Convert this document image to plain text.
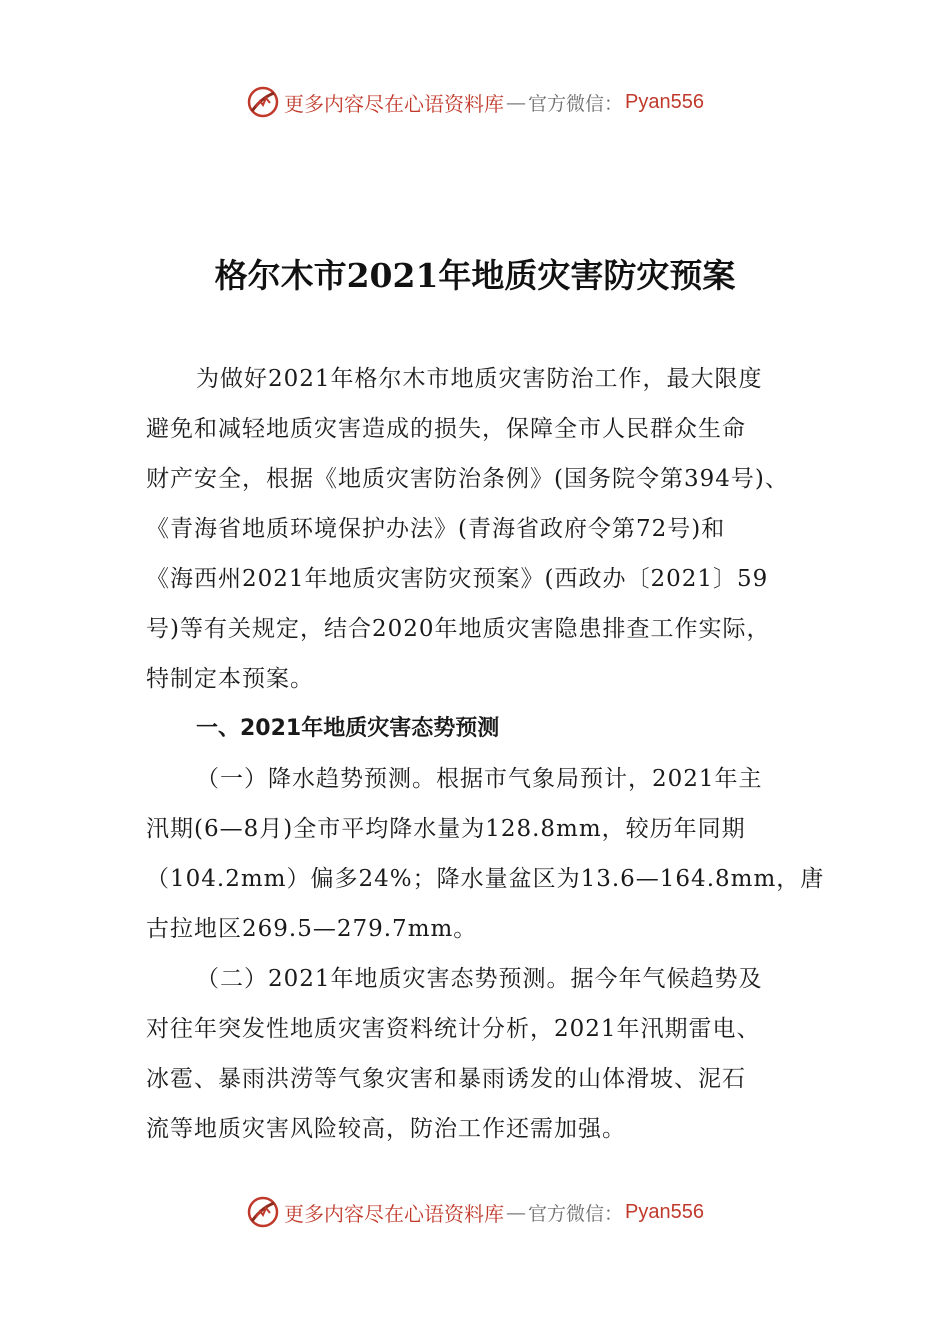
更多内容尽在心语资料库 — 官方微信： Pyan556
格尔木市2021年地质灾害防灾预案
为做好2021年格尔木市地质灾害防治工作，最大限度
避免和减轻地质灾害造成的损失，保障全市人民群众生命
财产安全，根据《地质灾害防治条例》(国务院令第394号)、
《青海省地质环境保护办法》(青海省政府令第72号)和
《海西州2021年地质灾害防灾预案》(西政办〔2021〕59
号)等有关规定，结合2020年地质灾害隐患排查工作实际，
特制定本预案。
一、2021年地质灾害态势预测
（一）降水趋势预测。根据市气象局预计，2021年主
汛期(6—8月)全市平均降水量为128.8mm，较历年同期
（104.2mm）偏多24%；降水量盆区为13.6—164.8mm，唐
古拉地区269.5—279.7mm。
（二）2021年地质灾害态势预测。据今年气候趋势及
对往年突发性地质灾害资料统计分析，2021年汛期雷电、
冰雹、暴雨洪涝等气象灾害和暴雨诱发的山体滑坡、泥石
流等地质灾害风险较高，防治工作还需加强。
更多内容尽在心语资料库 — 官方微信： Pyan556
